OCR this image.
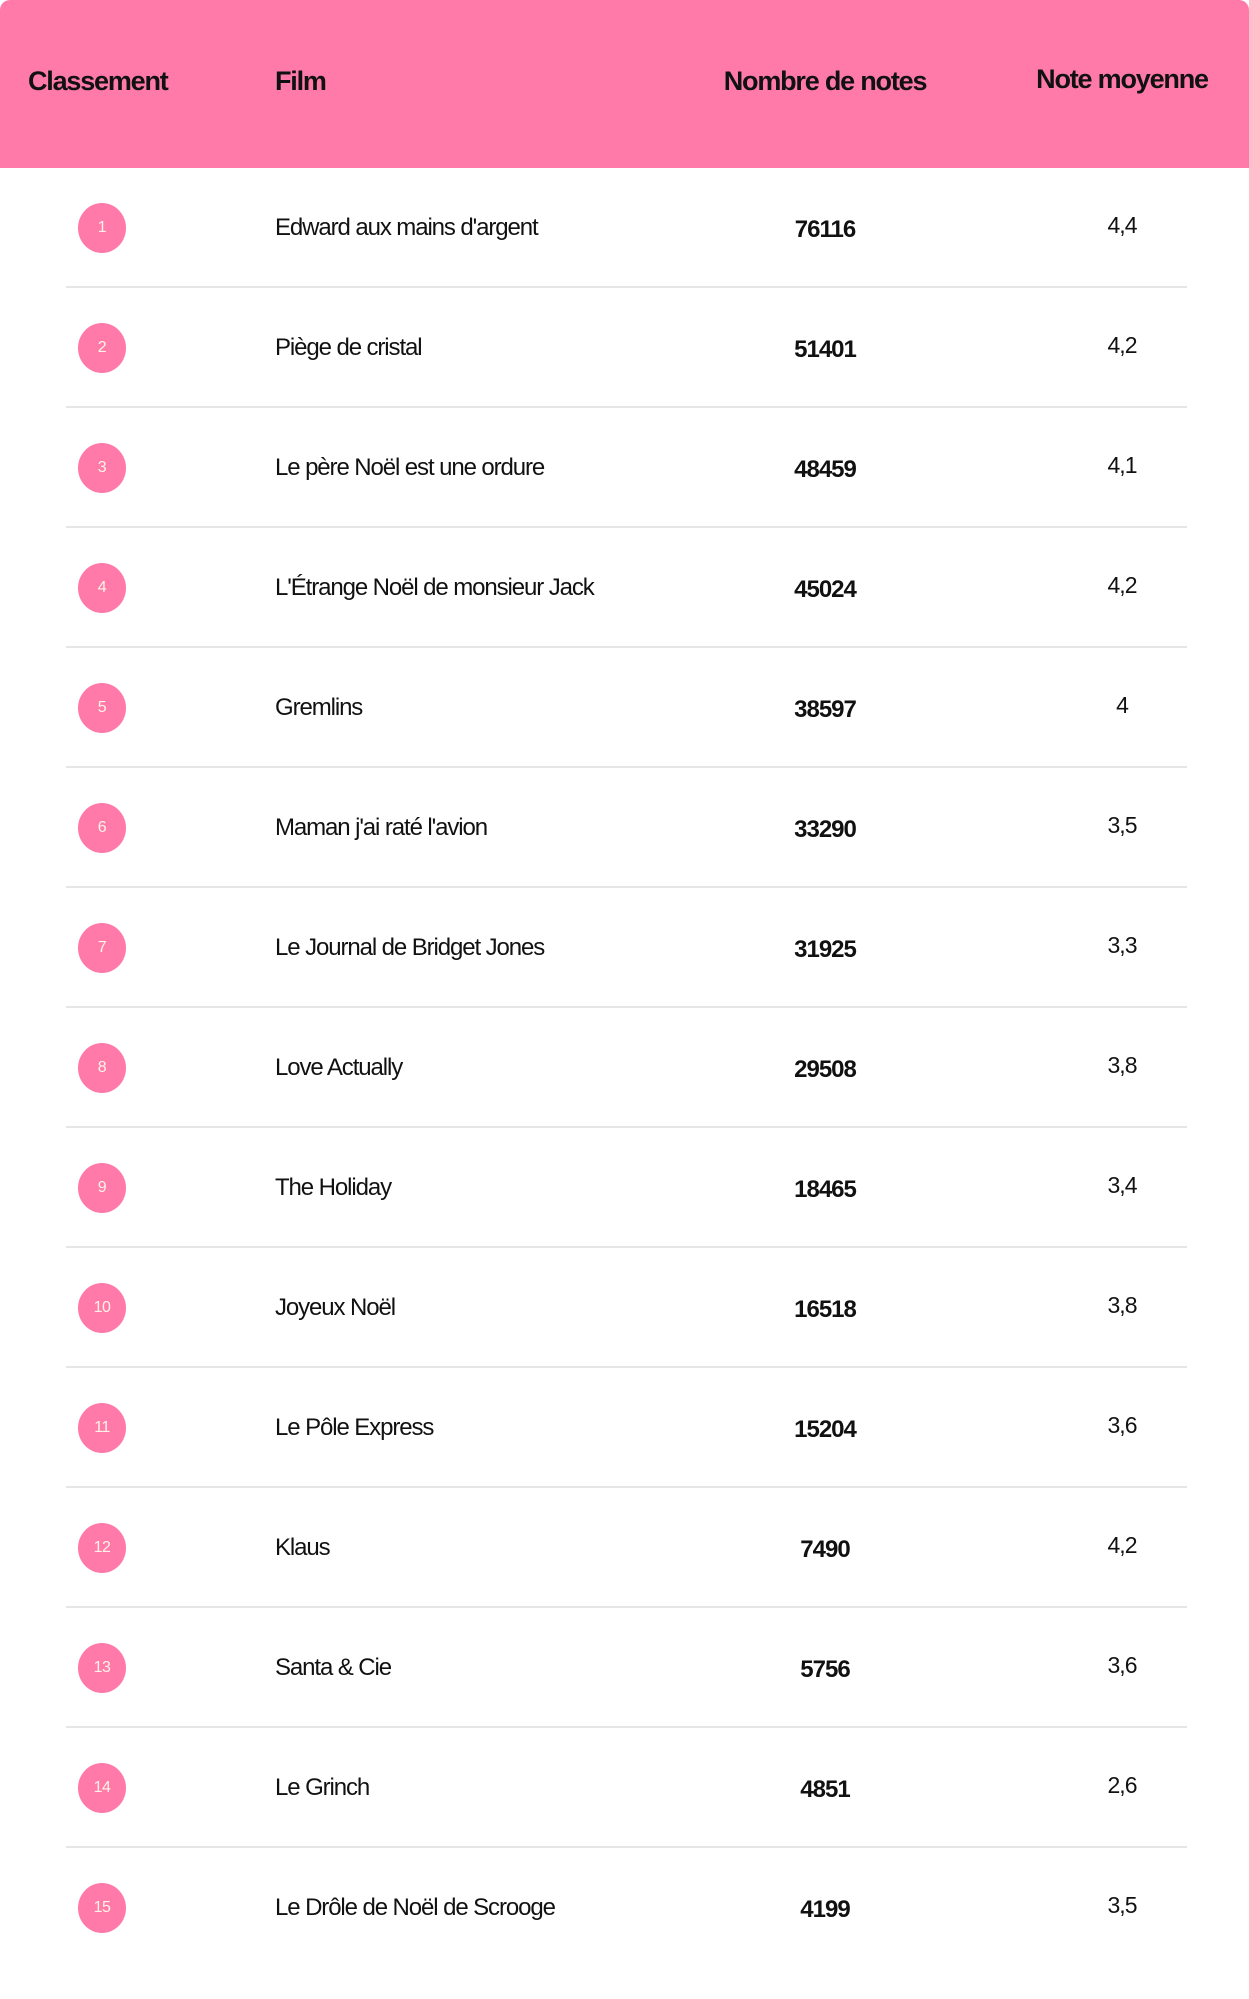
Classement	Film	Nombre de notes	Note moyenne
1	Edward aux mains d'argent	76116	4,4
2	Piège de cristal	51401	4,2
3	Le père Noël est une ordure	48459	4,1
4	L'Étrange Noël de monsieur Jack	45024	4,2
5	Gremlins	38597	4
6	Maman j'ai raté l'avion	33290	3,5
7	Le Journal de Bridget Jones	31925	3,3
8	Love Actually	29508	3,8
9	The Holiday	18465	3,4
10	Joyeux Noël	16518	3,8
11	Le Pôle Express	15204	3,6
12	Klaus	7490	4,2
13	Santa & Cie	5756	3,6
14	Le Grinch	4851	2,6
15	Le Drôle de Noël de Scrooge	4199	3,5
